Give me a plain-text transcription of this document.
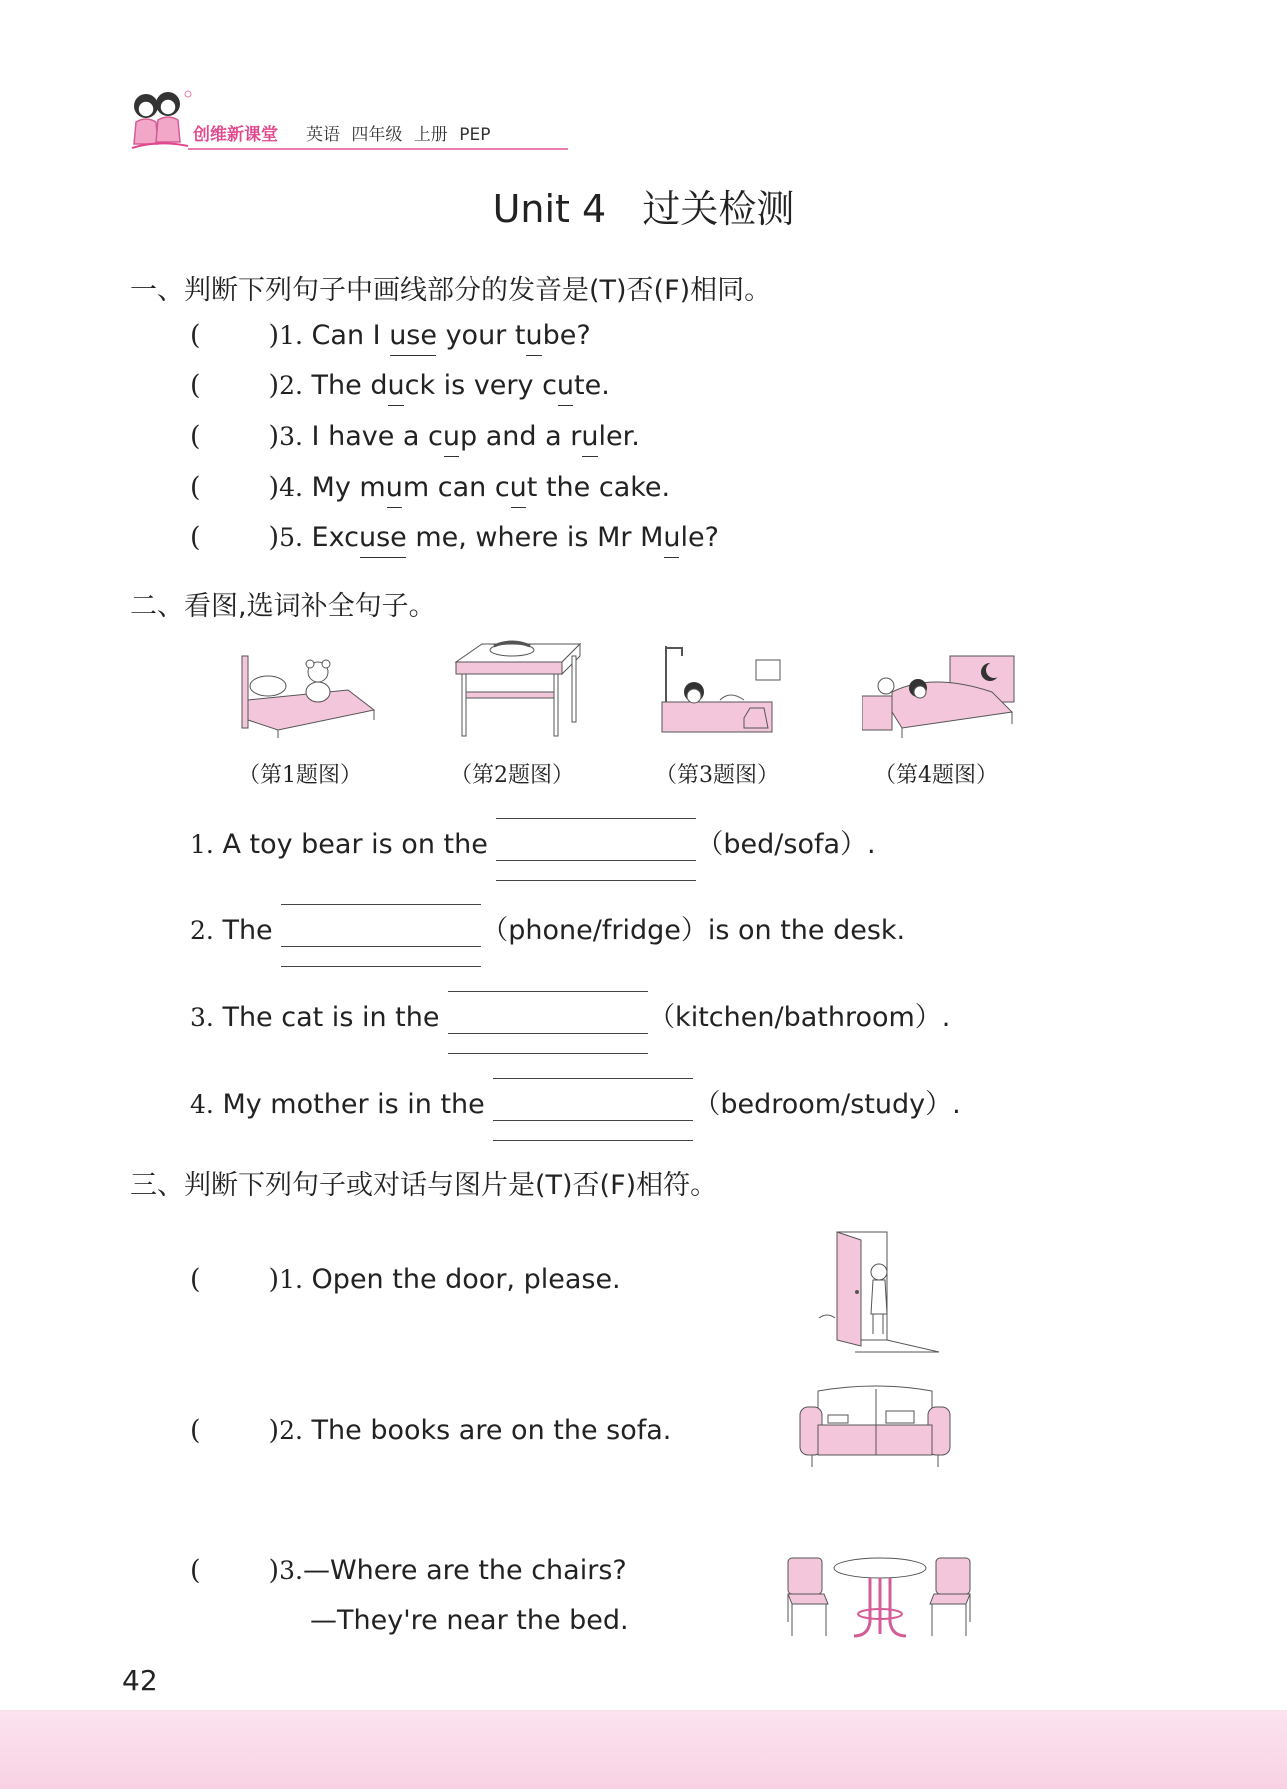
创维新课堂 英语 四年级 上册 PEP
Unit 4   过关检测
一、判断下列句子中画线部分的发音是(T)否(F)相同。
(	)1. Can I use your tube?
(	)2. The duck is very cute.
(	)3. I have a cup and a ruler.
(	)4. My mum can cut the cake.
(	)5. Excuse me, where is Mr Mule?
二、看图,选词补全句子。
（第1题图）	（第2题图）	（第3题图）	（第4题图）
1. A toy bear is on the	（bed/sofa）.
2. The	（phone/fridge）is on the desk.
3. The cat is in the	（kitchen/bathroom）.
4. My mother is in the	（bedroom/study）.
三、判断下列句子或对话与图片是(T)否(F)相符。
(	)1. Open the door, please.
(	)2. The books are on the sofa.
(	)3.—Where are the chairs?
—They're near the bed.
42
